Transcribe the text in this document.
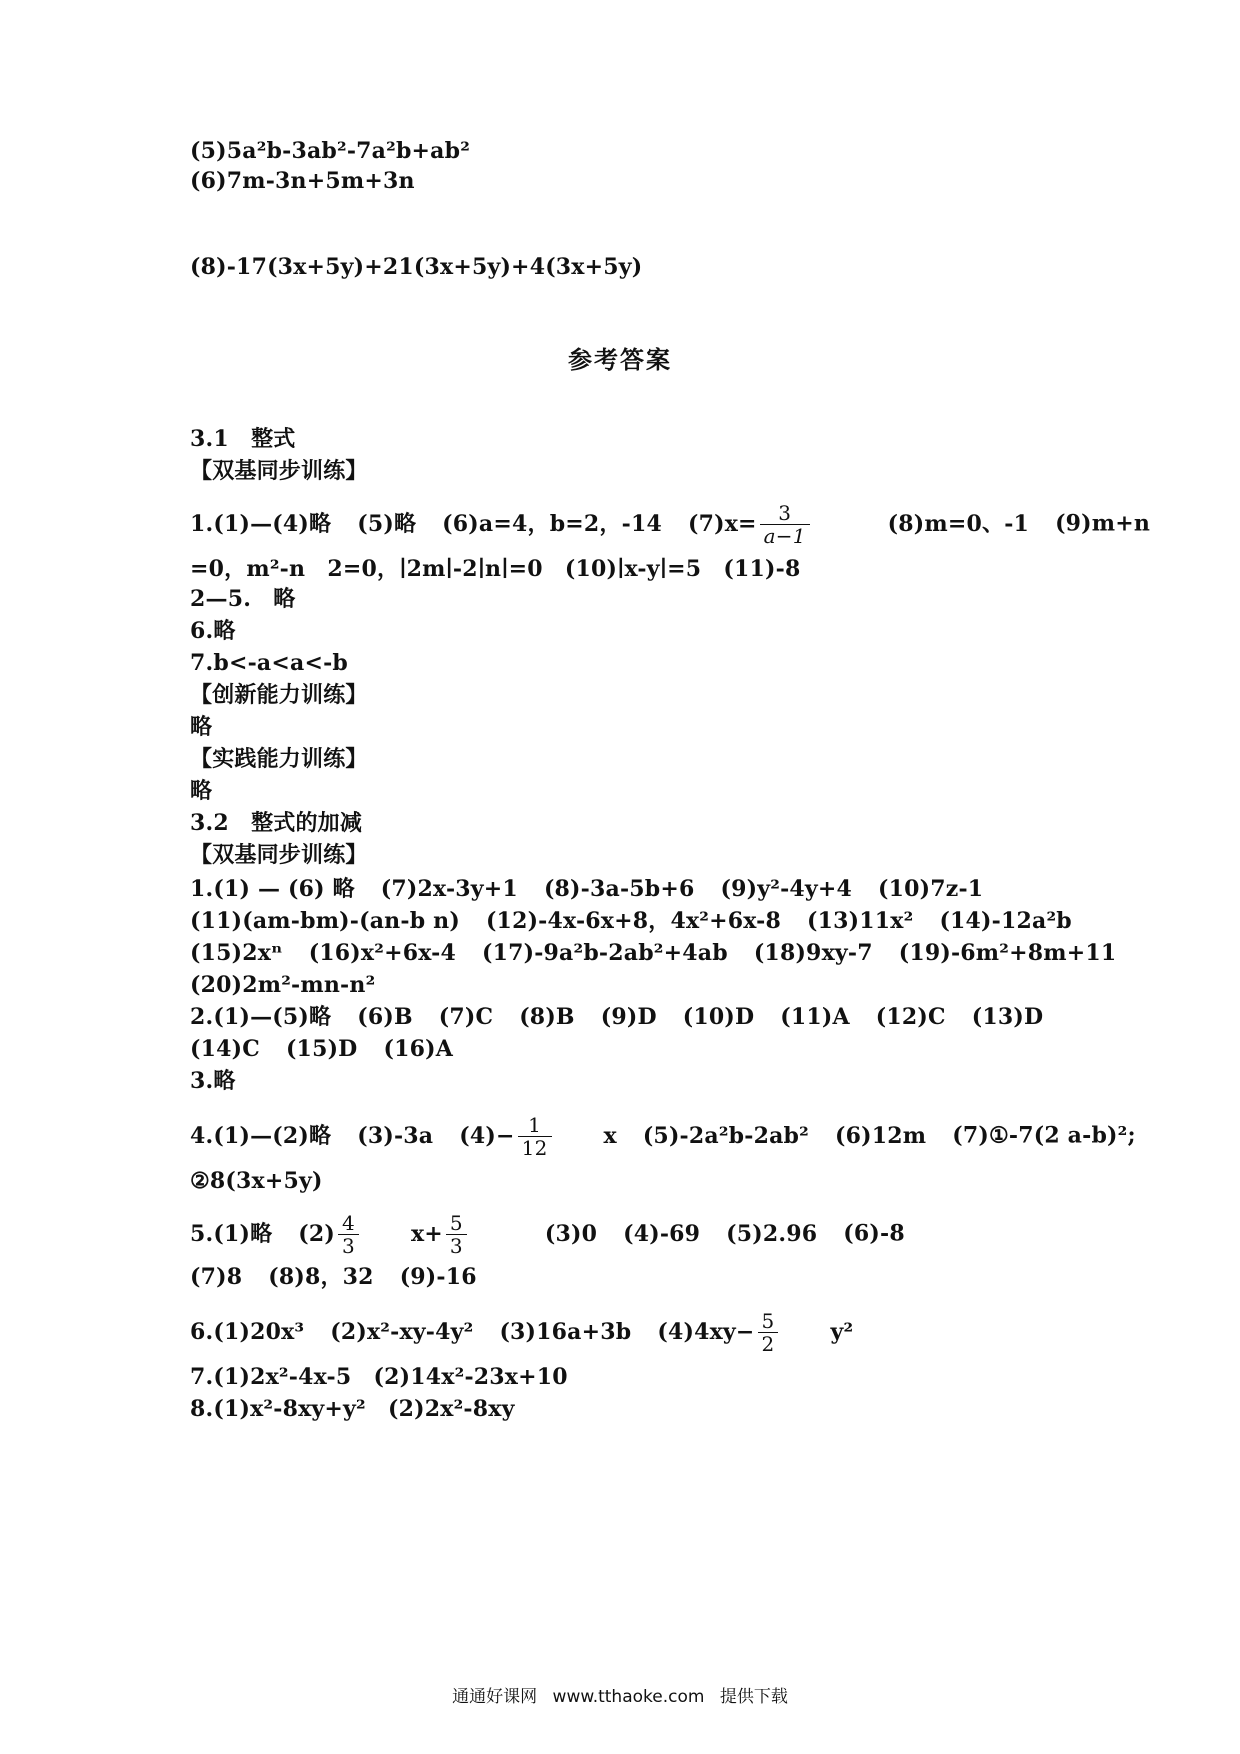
(5)5a²b-3ab²-7a²b+ab²
(6)7m-3n+5m+3n
(8)-17(3x+5y)+21(3x+5y)+4(3x+5y)
参考答案
3.1　整式
【双基同步训练】
1.(1)—(4)略 (5)略 (6)a=4，b=2，-14 $(7)x= \frac{3}{a-1} (8)m=0$、-1 (9)m+n
=0，m²-n　2=0，∣2m∣-2∣n∣=0　(10)∣x-y∣=5　(11)-8
2—5.　略
6.略
7.b<-a<a<-b
【创新能力训练】
略
【实践能力训练】
略
3.2　整式的加减
【双基同步训练】
1.(1) — (6) 略 (7)2x-3y+1 (8)-3a-5b+6 (9)y²-4y+4 (10)7z-1
(11)(am-bm)-(an-b n) (12)-4x-6x+8，4x²+6x-8 (13)11x² (14)-12a²b
(15)2xⁿ (16)x²+6x-4 (17)-9a²b-2ab²+4ab (18)9xy-7 (19)-6m²+8m+11
(20)2m²-mn-n²
2.(1)—(5)略 (6)B (7)C (8)B (9)D (10)D (11)A (12)C (13)D
(14)C (15)D (16)A
3.略
4.(1)—(2)略 (3)-3a $(4)- \frac{1}{12}$ x (5)-2a²b-2ab² (6)12m (7)①-7(2 a-b)²;
②8(3x+5y)
5.(1)略 $(2) \frac{4}{3} x+ \frac{5}{3} (3)0$ (4)-69 (5)2.96 (6)-8
(7)8 (8)8，32 (9)-16
6.(1)20x³ (2)x²-xy-4y² (3)16a+3b $(4)4xy- \frac{5}{2} y^2$
7.(1)2x²-4x-5　(2)14x²-23x+10
8.(1)x²-8xy+y²　(2)2x²-8xy
通通好课网 www.tthaoke.com 提供下载
